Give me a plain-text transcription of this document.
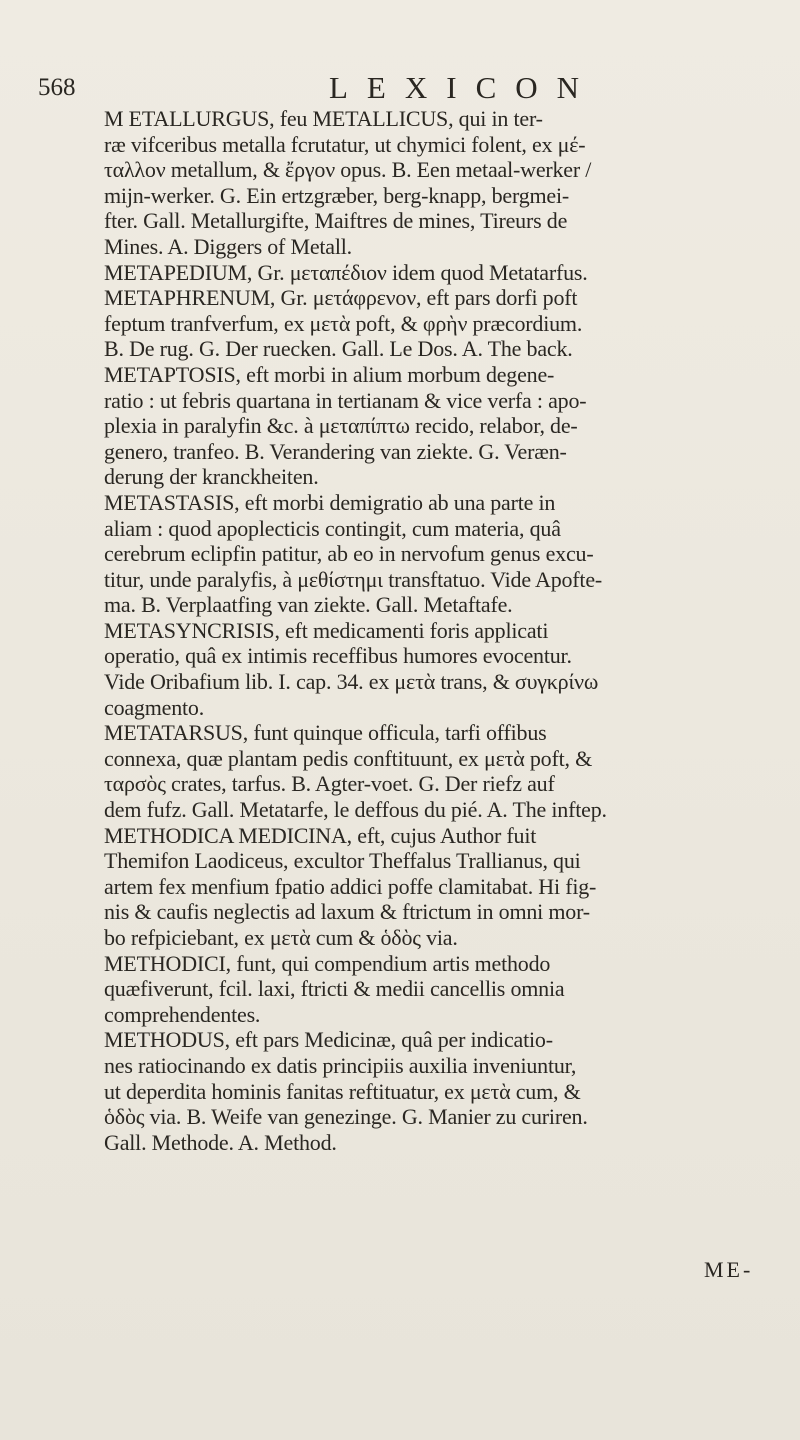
568	LEXICON
M ETALLURGUS, feu METALLICUS, qui in ter-
ræ vifceribus metalla fcrutatur, ut chymici folent, ex μέ-
ταλλον metallum, & ἔργον opus. B. Een metaal-werker /
mijn-werker. G. Ein ertzgræber, berg-knapp, bergmei-
fter. Gall. Metallurgifte, Maiftres de mines, Tireurs de
Mines. A. Diggers of Metall.
METAPEDIUM, Gr. μεταπέδιον idem quod Metatarfus.
METAPHRENUM, Gr. μετάφρενον, eft pars dorfi poft
feptum tranfverfum, ex μετὰ poft, & φρὴν præcordium.
B. De rug. G. Der ruecken. Gall. Le Dos. A. The back.
METAPTOSIS, eft morbi in alium morbum degene-
ratio : ut febris quartana in tertianam & vice verfa : apo-
plexia in paralyfin &c. à μεταπίπτω recido, relabor, de-
genero, tranfeo. B. Verandering van ziekte. G. Veræn-
derung der kranckheiten.
METASTASIS, eft morbi demigratio ab una parte in
aliam : quod apoplecticis contingit, cum materia, quâ
cerebrum eclipfin patitur, ab eo in nervofum genus excu-
titur, unde paralyfis, à μεθίστημι transftatuo. Vide Apofte-
ma. B. Verplaatfing van ziekte. Gall. Metaftafe.
METASYNCRISIS, eft medicamenti foris applicati
operatio, quâ ex intimis receffibus humores evocentur.
Vide Oribafium lib. I. cap. 34. ex μετὰ trans, & συγκρίνω
coagmento.
METATARSUS, funt quinque officula, tarfi offibus
connexa, quæ plantam pedis conftituunt, ex μετὰ poft, &
ταρσὸς crates, tarfus. B. Agter-voet. G. Der riefz auf
dem fufz. Gall. Metatarfe, le deffous du pié. A. The inftep.
METHODICA MEDICINA, eft, cujus Author fuit
Themifon Laodiceus, excultor Theffalus Trallianus, qui
artem fex menfium fpatio addici poffe clamitabat. Hi fig-
nis & caufis neglectis ad laxum & ftrictum in omni mor-
bo refpiciebant, ex μετὰ cum & ὁδὸς via.
METHODICI, funt, qui compendium artis methodo
quæfiverunt, fcil. laxi, ftricti & medii cancellis omnia
comprehendentes.
METHODUS, eft pars Medicinæ, quâ per indicatio-
nes ratiocinando ex datis principiis auxilia inveniuntur,
ut deperdita hominis fanitas reftituatur, ex μετὰ cum, &
ὁδὸς via. B. Weife van genezinge. G. Manier zu curiren.
Gall. Methode. A. Method.
ME-
